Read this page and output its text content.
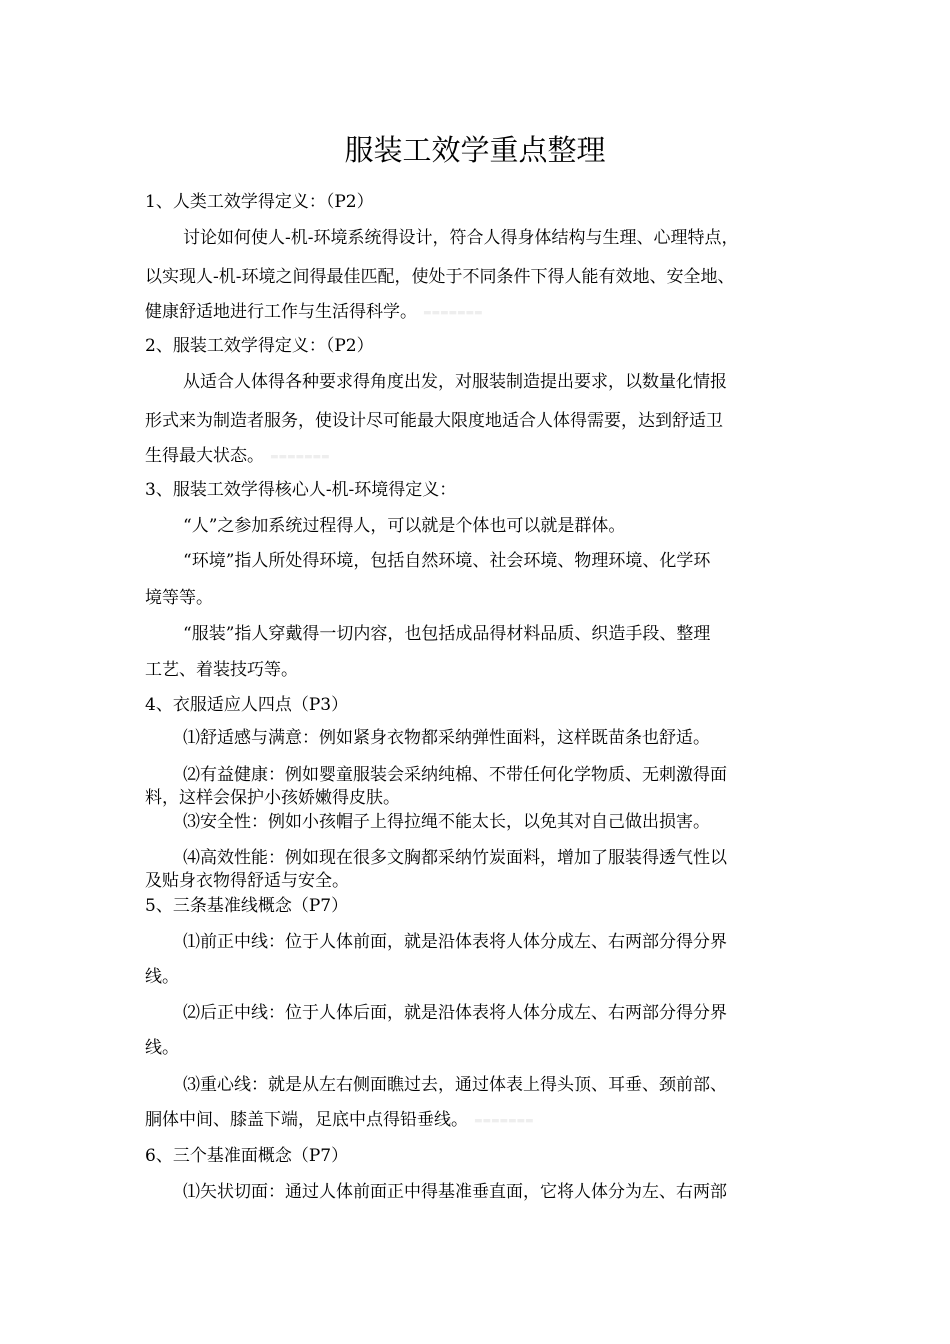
服装工效学重点整理
1、人类工效学得定义：（P2）
讨论如何使人-机-环境系统得设计，符合人得身体结构与生理、心理特点，
以实现人-机-环境之间得最佳匹配，使处于不同条件下得人能有效地、安全地、
健康舒适地进行工作与生活得科学。 ▬▬▬▬▬▬▬
2、服装工效学得定义：（P2）
从适合人体得各种要求得角度出发，对服装制造提出要求，以数量化情报
形式来为制造者服务，使设计尽可能最大限度地适合人体得需要，达到舒适卫
生得最大状态。 ▬▬▬▬▬▬▬
3、服装工效学得核心人-机-环境得定义：
“人”之参加系统过程得人，可以就是个体也可以就是群体。
“环境”指人所处得环境，包括自然环境、社会环境、物理环境、化学环
境等等。
“服装”指人穿戴得一切内容，也包括成品得材料品质、织造手段、整理
工艺、着装技巧等。
4、衣服适应人四点（P3）
⑴舒适感与满意：例如紧身衣物都采纳弹性面料，这样既苗条也舒适。
⑵有益健康：例如婴童服装会采纳纯棉、不带任何化学物质、无刺激得面
料，这样会保护小孩娇嫩得皮肤。
⑶安全性：例如小孩帽子上得拉绳不能太长，以免其对自己做出损害。
⑷高效性能：例如现在很多文胸都采纳竹炭面料，增加了服装得透气性以
及贴身衣物得舒适与安全。
5、三条基准线概念（P7）
⑴前正中线：位于人体前面，就是沿体表将人体分成左、右两部分得分界
线。
⑵后正中线：位于人体后面，就是沿体表将人体分成左、右两部分得分界
线。
⑶重心线：就是从左右侧面瞧过去，通过体表上得头顶、耳垂、颈前部、
胴体中间、膝盖下端，足底中点得铅垂线。 ▬▬▬▬▬▬▬
6、三个基准面概念（P7）
⑴矢状切面：通过人体前面正中得基准垂直面，它将人体分为左、右两部
